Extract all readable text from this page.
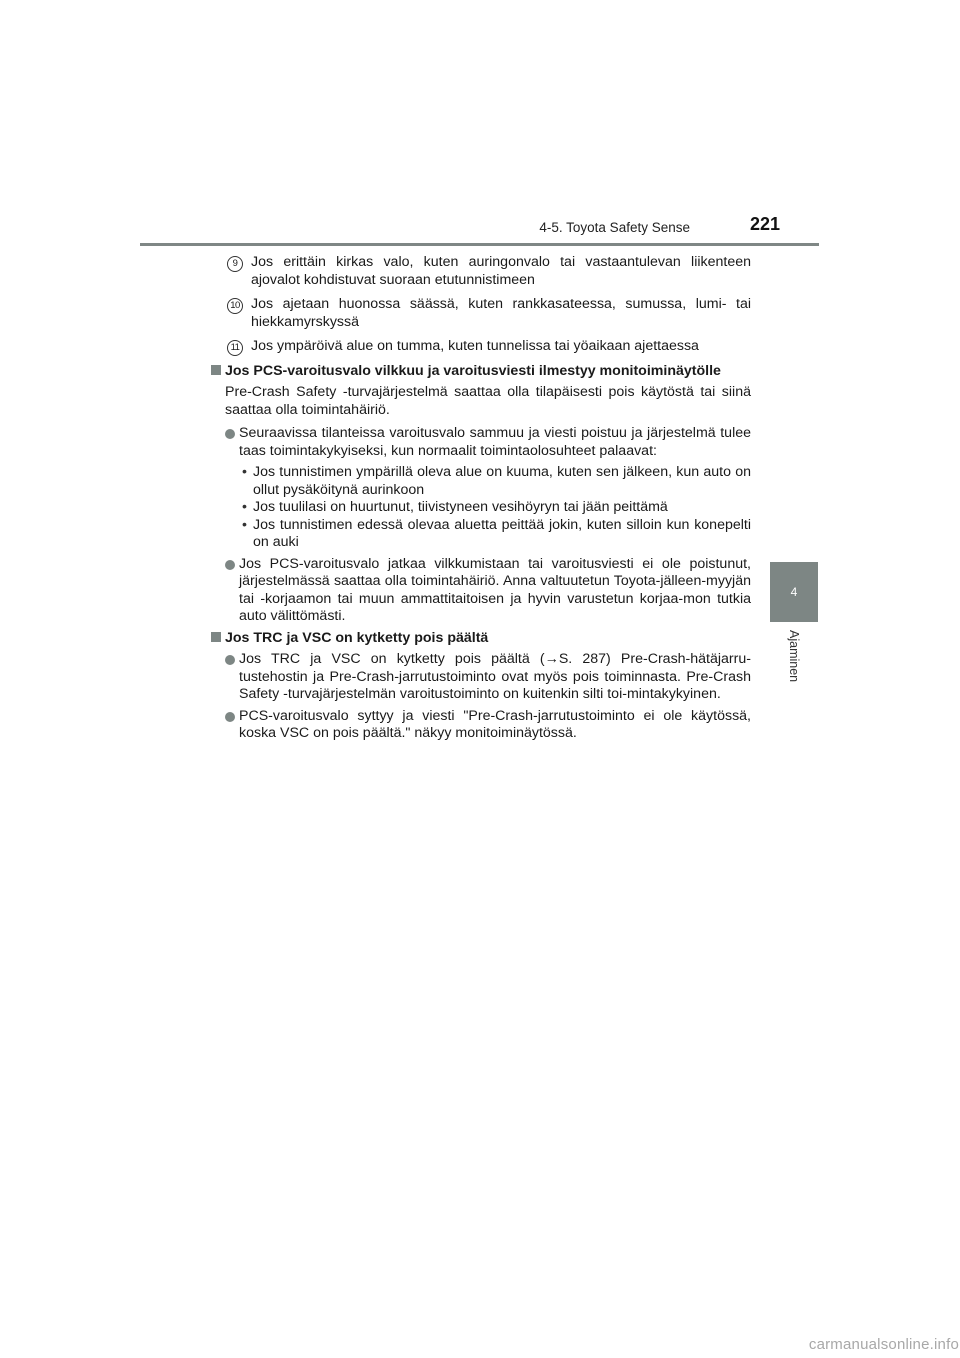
4-5. Toyota Safety Sense	221
4
Ajaminen
9 Jos erittäin kirkas valo, kuten auringonvalo tai vastaantulevan liikenteen ajovalot kohdistuvat suoraan etutunnistimeen
10 Jos ajetaan huonossa säässä, kuten rankkasateessa, sumussa, lumi- tai hiekkamyrskyssä
11 Jos ympäröivä alue on tumma, kuten tunnelissa tai yöaikaan ajettaessa
Jos PCS-varoitusvalo vilkkuu ja varoitusviesti ilmestyy monitoiminäytölle
Pre-Crash Safety -turvajärjestelmä saattaa olla tilapäisesti pois käytöstä tai siinä saattaa olla toimintahäiriö.
Seuraavissa tilanteissa varoitusvalo sammuu ja viesti poistuu ja järjestelmä tulee taas toimintakykyiseksi, kun normaalit toimintaolosuhteet palaavat:
• Jos tunnistimen ympärillä oleva alue on kuuma, kuten sen jälkeen, kun auto on ollut pysäköitynä aurinkoon
• Jos tuulilasi on huurtunut, tiivistyneen vesihöyryn tai jään peittämä
• Jos tunnistimen edessä olevaa aluetta peittää jokin, kuten silloin kun konepelti on auki
Jos PCS-varoitusvalo jatkaa vilkkumistaan tai varoitusviesti ei ole poistunut, järjestelmässä saattaa olla toimintahäiriö. Anna valtuutetun Toyota-jälleen-myyjän tai -korjaamon tai muun ammattitaitoisen ja hyvin varustetun korjaa-mon tutkia auto välittömästi.
Jos TRC ja VSC on kytketty pois päältä
Jos TRC ja VSC on kytketty pois päältä (→S. 287) Pre-Crash-hätäjarru-tustehostin ja Pre-Crash-jarrutustoiminto ovat myös pois toiminnasta. Pre-Crash Safety -turvajärjestelmän varoitustoiminto on kuitenkin silti toi-mintakykyinen.
PCS-varoitusvalo syttyy ja viesti "Pre-Crash-jarrutustoiminto ei ole käytössä, koska VSC on pois päältä." näkyy monitoiminäytössä.
carmanualsonline.info
